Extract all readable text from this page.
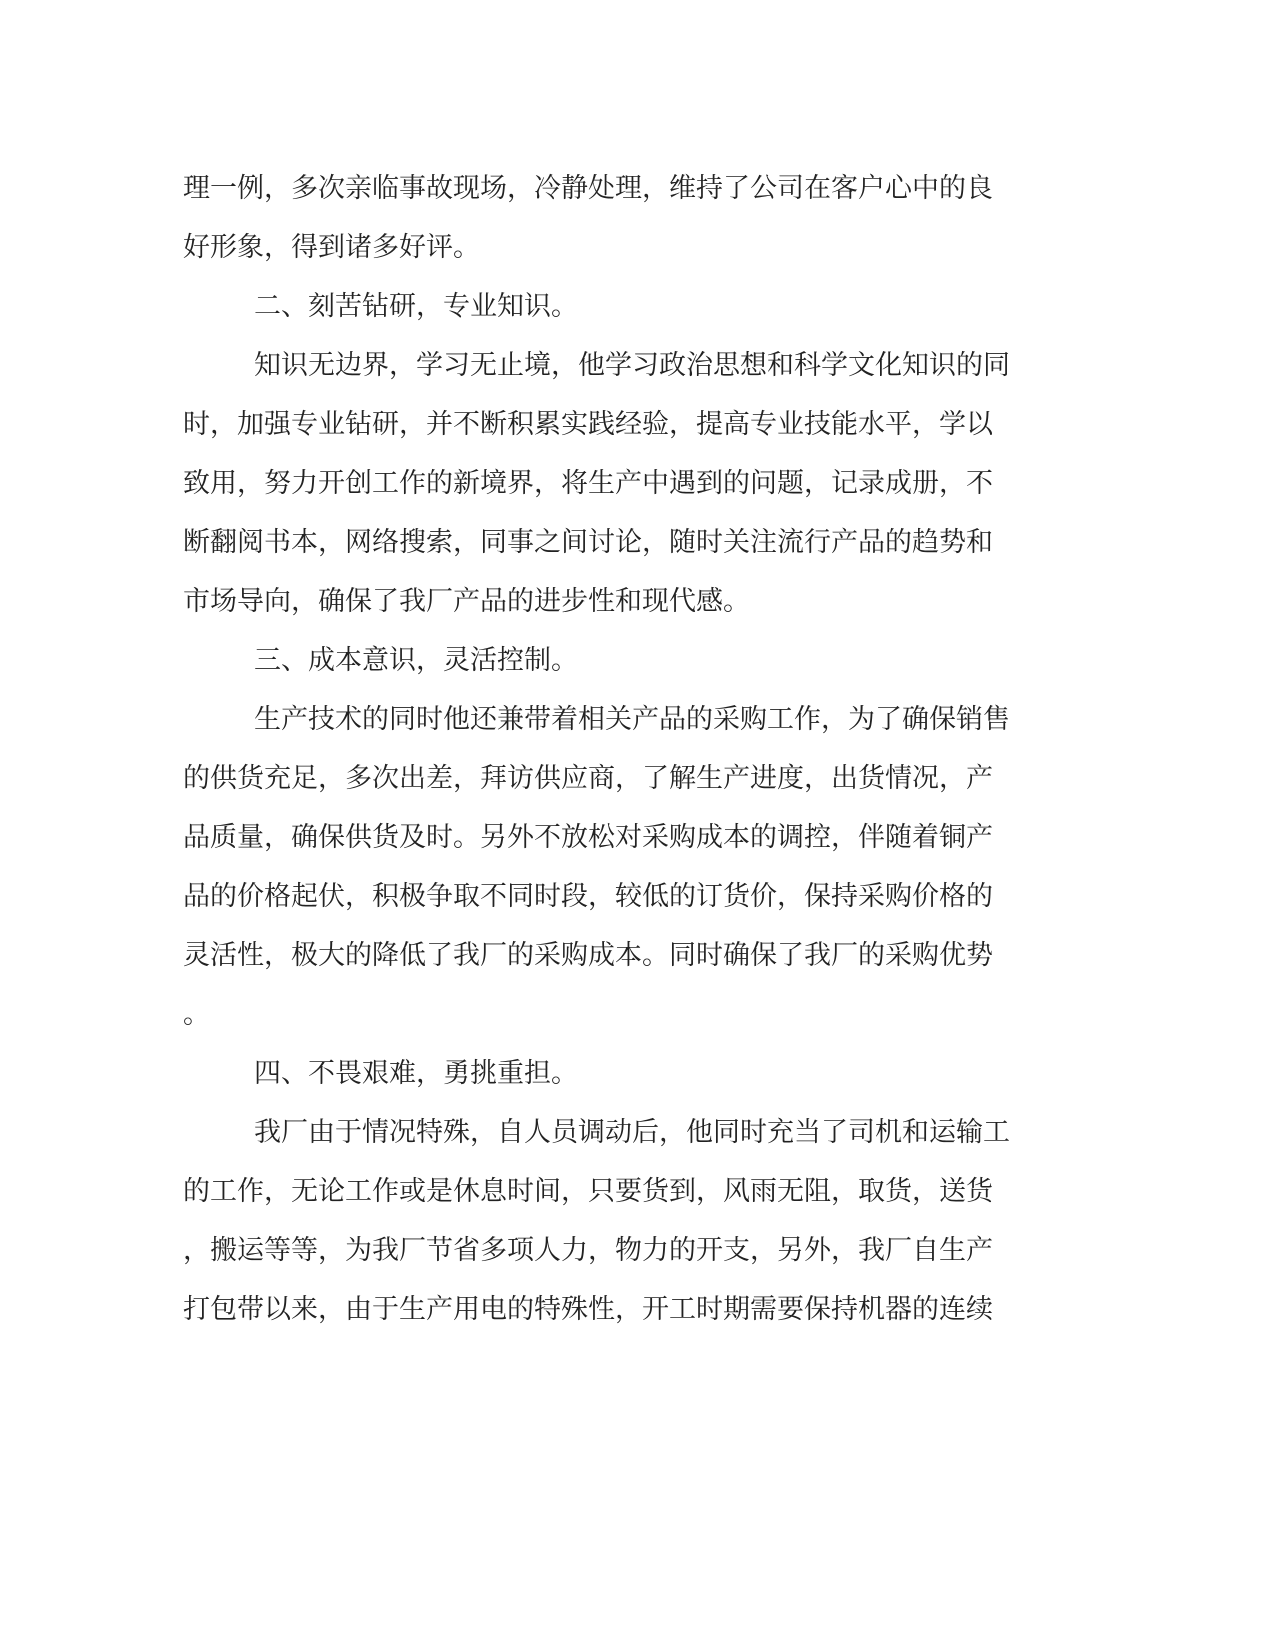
理一例，多次亲临事故现场，冷静处理，维持了公司在客户心中的良
好形象，得到诸多好评。
二、刻苦钻研，专业知识。
知识无边界，学习无止境，他学习政治思想和科学文化知识的同
时，加强专业钻研，并不断积累实践经验，提高专业技能水平，学以
致用，努力开创工作的新境界，将生产中遇到的问题，记录成册，不
断翻阅书本，网络搜索，同事之间讨论，随时关注流行产品的趋势和
市场导向，确保了我厂产品的进步性和现代感。
三、成本意识，灵活控制。
生产技术的同时他还兼带着相关产品的采购工作，为了确保销售
的供货充足，多次出差，拜访供应商，了解生产进度，出货情况，产
品质量，确保供货及时。另外不放松对采购成本的调控，伴随着铜产
品的价格起伏，积极争取不同时段，较低的订货价，保持采购价格的
灵活性，极大的降低了我厂的采购成本。同时确保了我厂的采购优势
。
四、不畏艰难，勇挑重担。
我厂由于情况特殊，自人员调动后，他同时充当了司机和运输工
的工作，无论工作或是休息时间，只要货到，风雨无阻，取货，送货
，搬运等等，为我厂节省多项人力，物力的开支，另外，我厂自生产
打包带以来，由于生产用电的特殊性，开工时期需要保持机器的连续
